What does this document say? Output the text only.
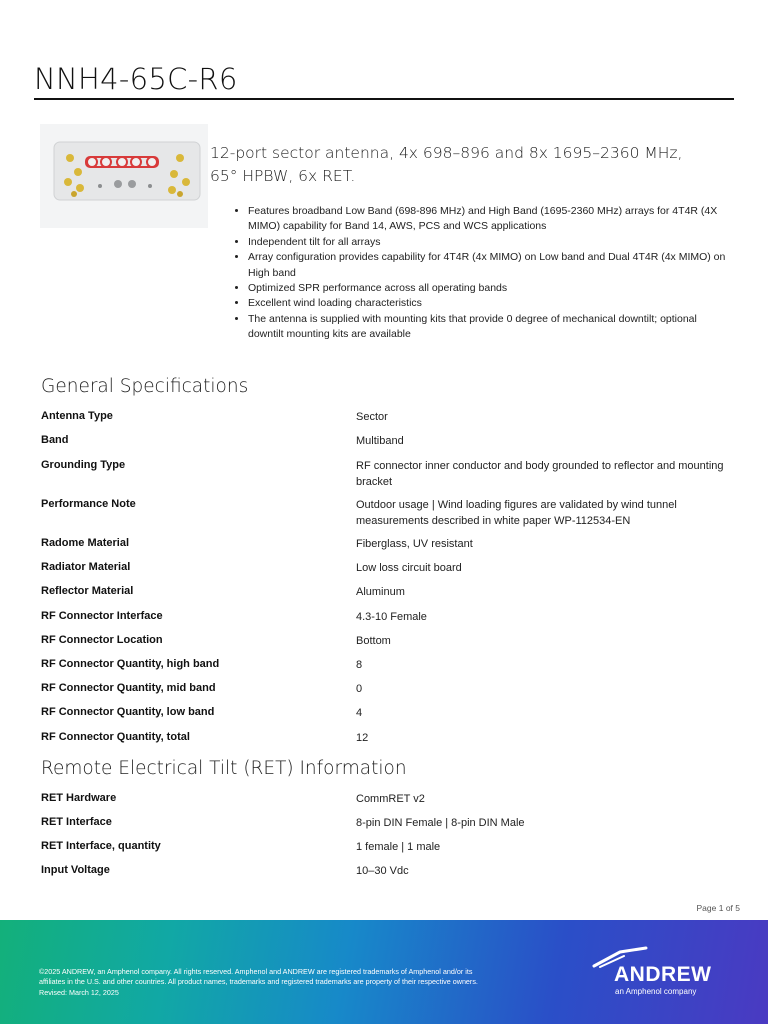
NNH4-65C-R6
12-port sector antenna, 4x 698–896 and 8x 1695–2360 MHz, 65° HPBW, 6x RET.
• Features broadband Low Band (698-896 MHz) and High Band (1695-2360 MHz) arrays for 4T4R (4X MIMO) capability for Band 14, AWS, PCS and WCS applications
• Independent tilt for all arrays
• Array configuration provides capability for 4T4R (4x MIMO) on Low band and Dual 4T4R (4x MIMO) on High band
• Optimized SPR performance across all operating bands
• Excellent wind loading characteristics
• The antenna is supplied with mounting kits that provide 0 degree of mechanical downtilt; optional downtilt mounting kits are available
General Specifications
Antenna Type	Sector
Band	Multiband
Grounding Type	RF connector inner conductor and body grounded to reflector and mounting bracket
Performance Note	Outdoor usage | Wind loading figures are validated by wind tunnel measurements described in white paper WP-112534-EN
Radome Material	Fiberglass, UV resistant
Radiator Material	Low loss circuit board
Reflector Material	Aluminum
RF Connector Interface	4.3-10 Female
RF Connector Location	Bottom
RF Connector Quantity, high band	8
RF Connector Quantity, mid band	0
RF Connector Quantity, low band	4
RF Connector Quantity, total	12
Remote Electrical Tilt (RET) Information
RET Hardware	CommRET v2
RET Interface	8-pin DIN Female | 8-pin DIN Male
RET Interface, quantity	1 female | 1 male
Input Voltage	10–30 Vdc
Page 1 of 5
©2025 ANDREW, an Amphenol company. All rights reserved. Amphenol and ANDREW are registered trademarks of Amphenol and/or its
affiliates in the U.S. and other countries. All product names, trademarks and registered trademarks are property of their respective owners.
Revised: March 12, 2025
ANDREW
an Amphenol company
